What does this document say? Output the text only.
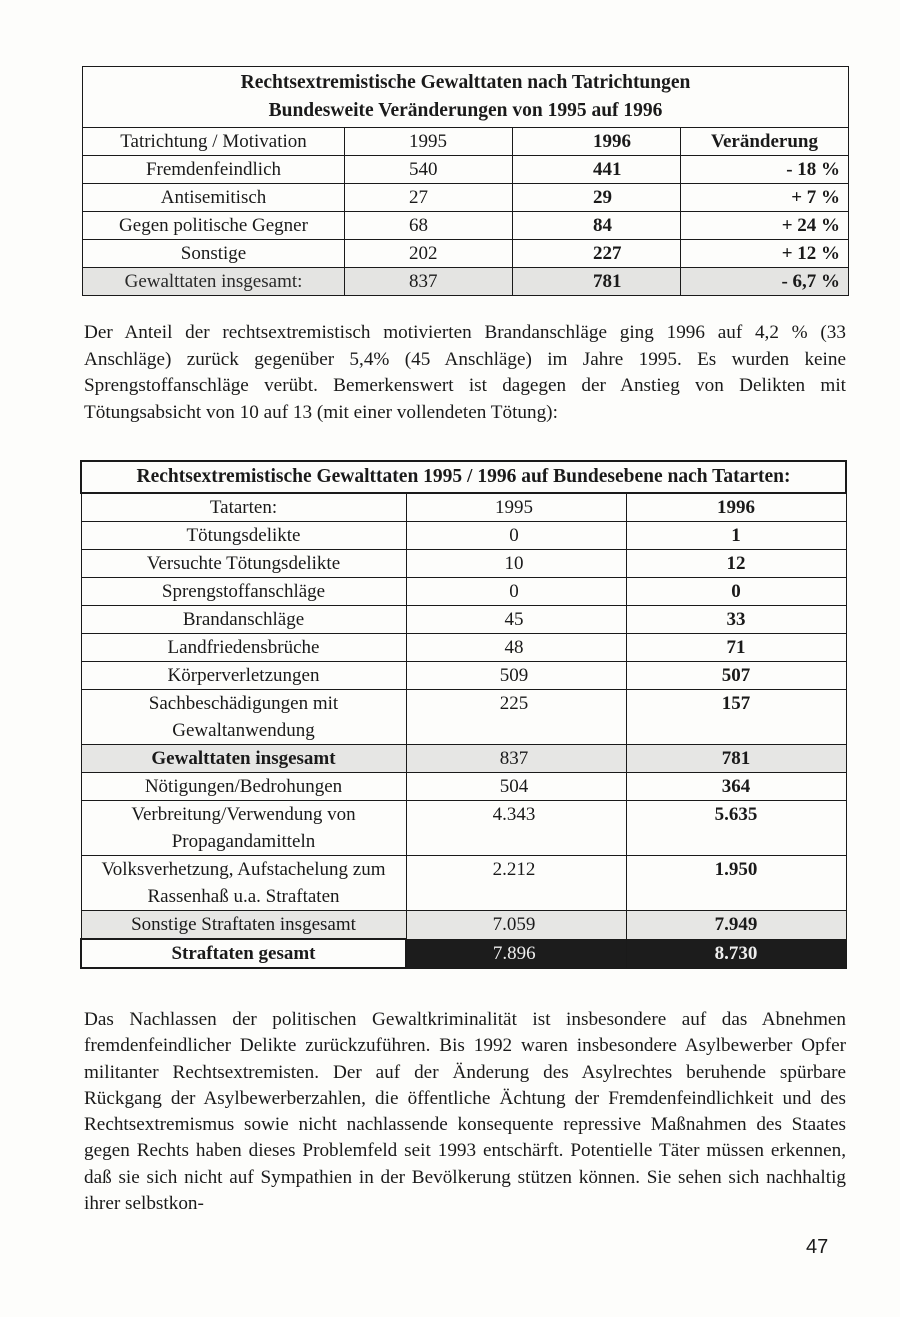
Rechtsextremistische Gewalttaten nach Tatrichtungen
Bundesweite Veränderungen von 1995 auf 1996			

Tatrichtung / Motivation	1995	1996	Veränderung
Fremdenfeindlich	540	441	- 18 %
Antisemitisch	27	29	+ 7 %
Gegen politische Gegner	68	84	+ 24 %
Sonstige	202	227	+ 12 %
Gewalttaten insgesamt:	837	781	- 6,7 %

Der Anteil der rechtsextremistisch motivierten Brandanschläge ging 1996 auf 4,2 % (33 Anschläge) zurück gegenüber 5,4% (45 Anschläge) im Jahre 1995. Es wurden keine Sprengstoffanschläge verübt. Bemerkenswert ist dagegen der Anstieg von Delikten mit Tötungsabsicht von 10 auf 13 (mit einer vollendeten Tötung):

Rechtsextremistische Gewalttaten 1995 / 1996 auf Bundesebene nach Tatarten:		
Tatarten:	1995	1996
Tötungsdelikte	0	1
Versuchte Tötungsdelikte	10	12
Sprengstoffanschläge	0	0
Brandanschläge	45	33
Landfriedensbrüche	48	71
Körperverletzungen	509	507
Sachbeschädigungen mit Gewaltanwendung	225	157
Gewalttaten insgesamt	837	781
Nötigungen/Bedrohungen	504	364
Verbreitung/Verwendung von Propagandamitteln	4.343	5.635
Volksverhetzung, Aufstachelung zum Rassenhaß u.a. Straftaten	2.212	1.950
Sonstige Straftaten insgesamt	7.059	7.949
Straftaten gesamt	7.896	8.730

Das Nachlassen der politischen Gewaltkriminalität ist insbesondere auf das Abnehmen fremdenfeindlicher Delikte zurückzuführen. Bis 1992 waren insbesondere Asylbewerber Opfer militanter Rechtsextremisten. Der auf der Änderung des Asylrechtes beruhende spürbare Rückgang der Asylbewerberzahlen, die öffentliche Ächtung der Fremdenfeindlichkeit und des Rechtsextremismus sowie nicht nachlassende konsequente repressive Maßnahmen des Staates gegen Rechts haben dieses Problemfeld seit 1993 entschärft. Potentielle Täter müssen erkennen, daß sie sich nicht auf Sympathien in der Bevölkerung stützen können. Sie sehen sich nachhaltig ihrer selbstkon-

47
